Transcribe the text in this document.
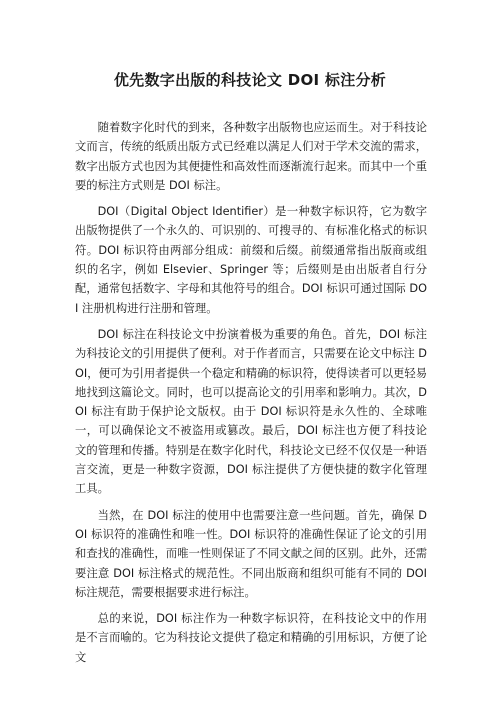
优先数字出版的科技论文 DOI 标注分析

随着数字化时代的到来，各种数字出版物也应运而生。对于科技论文而言，传统的纸质出版方式已经难以满足人们对于学术交流的需求，数字出版方式也因为其便捷性和高效性而逐渐流行起来。而其中一个重要的标注方式则是 DOI 标注。

DOI（Digital Object Identifier）是一种数字标识符，它为数字出版物提供了一个永久的、可识别的、可搜寻的、有标准化格式的标识符。DOI 标识符由两部分组成：前缀和后缀。前缀通常指出版商或组织的名字，例如 Elsevier、Springer 等；后缀则是由出版者自行分配，通常包括数字、字母和其他符号的组合。DOI 标识可通过国际 DOI 注册机构进行注册和管理。

DOI 标注在科技论文中扮演着极为重要的角色。首先，DOI 标注为科技论文的引用提供了便利。对于作者而言，只需要在论文中标注 DOI，便可为引用者提供一个稳定和精确的标识符，使得读者可以更轻易地找到这篇论文。同时，也可以提高论文的引用率和影响力。其次，DOI 标注有助于保护论文版权。由于 DOI 标识符是永久性的、全球唯一，可以确保论文不被盗用或篡改。最后，DOI 标注也方便了科技论文的管理和传播。特别是在数字化时代，科技论文已经不仅仅是一种语言交流，更是一种数字资源，DOI 标注提供了方便快捷的数字化管理工具。

当然，在 DOI 标注的使用中也需要注意一些问题。首先，确保 DOI 标识符的准确性和唯一性。DOI 标识符的准确性保证了论文的引用和查找的准确性，而唯一性则保证了不同文献之间的区别。此外，还需要注意 DOI 标注格式的规范性。不同出版商和组织可能有不同的 DOI 标注规范，需要根据要求进行标注。

总的来说，DOI 标注作为一种数字标识符，在科技论文中的作用是不言而喻的。它为科技论文提供了稳定和精确的引用标识，方便了论文
